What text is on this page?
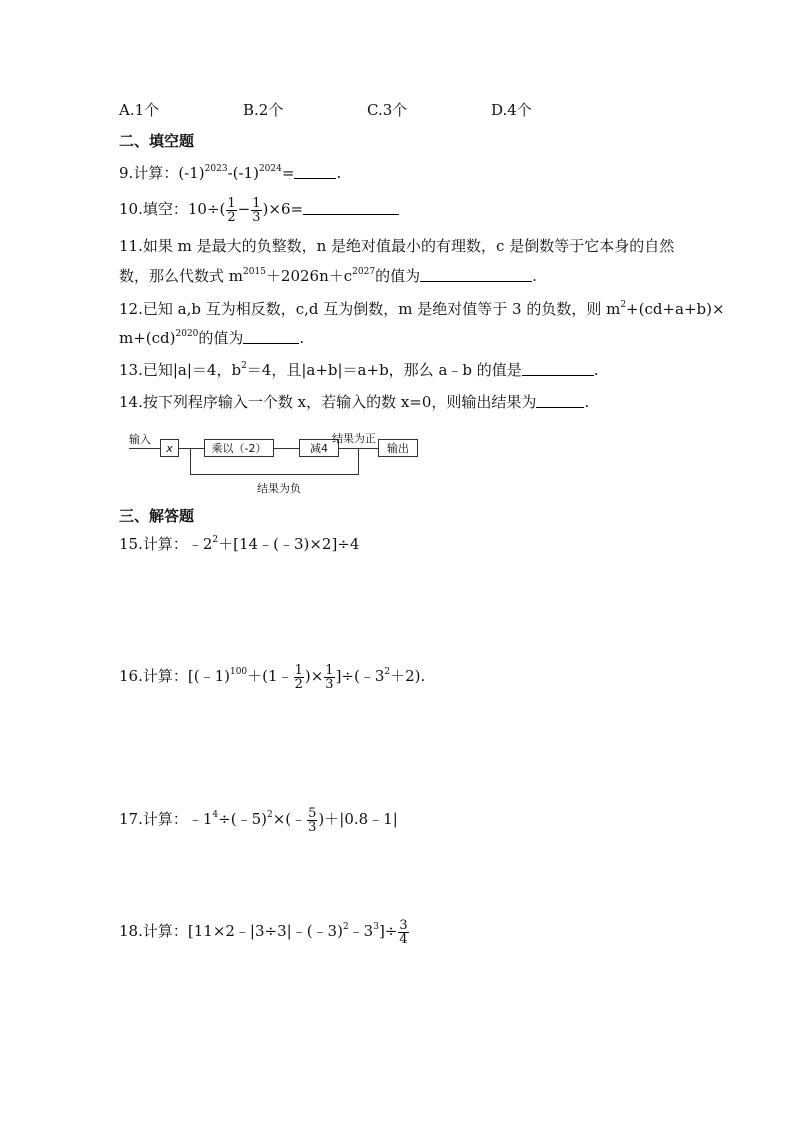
A.1个	B.2个	C.3个	D.4个
二、填空题
9.计算：$(-1)^{2023}-(-1)^{2024}=$	.
10.填空：$10\div( \frac{1}{2} - \frac{1}{3} )\times 6=$
11.如果 m 是最大的负整数，n 是绝对值最小的有理数，c 是倒数等于它本身的自然
数，那么代数式 $m^{2015}+2026n+c^{2027}$的值为	.
12.已知 a,b 互为相反数，c,d 互为倒数，m 是绝对值等于 3 的负数，则 $m^2+(cd+a+b)\times$
m+(cd)$^{2020}$的值为	.
13.已知|a|＝4，$b^2=4$，且|a+b|＝a+b，那么 a﹣b 的值是	.
14.按下列程序输入一个数 x，若输入的数 x=0，则输出结果为	.
输入
x	乘以（-2）	减4
结果为正
输出
结果为负
三、解答题
15.计算：$﹣2^2+[14﹣(﹣3)\times 2]\div 4$
16.计算：[(﹣1)$^{100}$＋(1﹣ $\frac{1}{2}$ )× $\frac{1}{3}$ ]$\div(﹣3^2+2)$.
17.计算：$﹣1^4\div(﹣5)^2\times(﹣ \frac{5}{3}$ )＋|0.8﹣1|
18.计算：$[11\times 2﹣|3\div 3|﹣(﹣3)^2﹣3^3]\div \frac{3}{4}$
